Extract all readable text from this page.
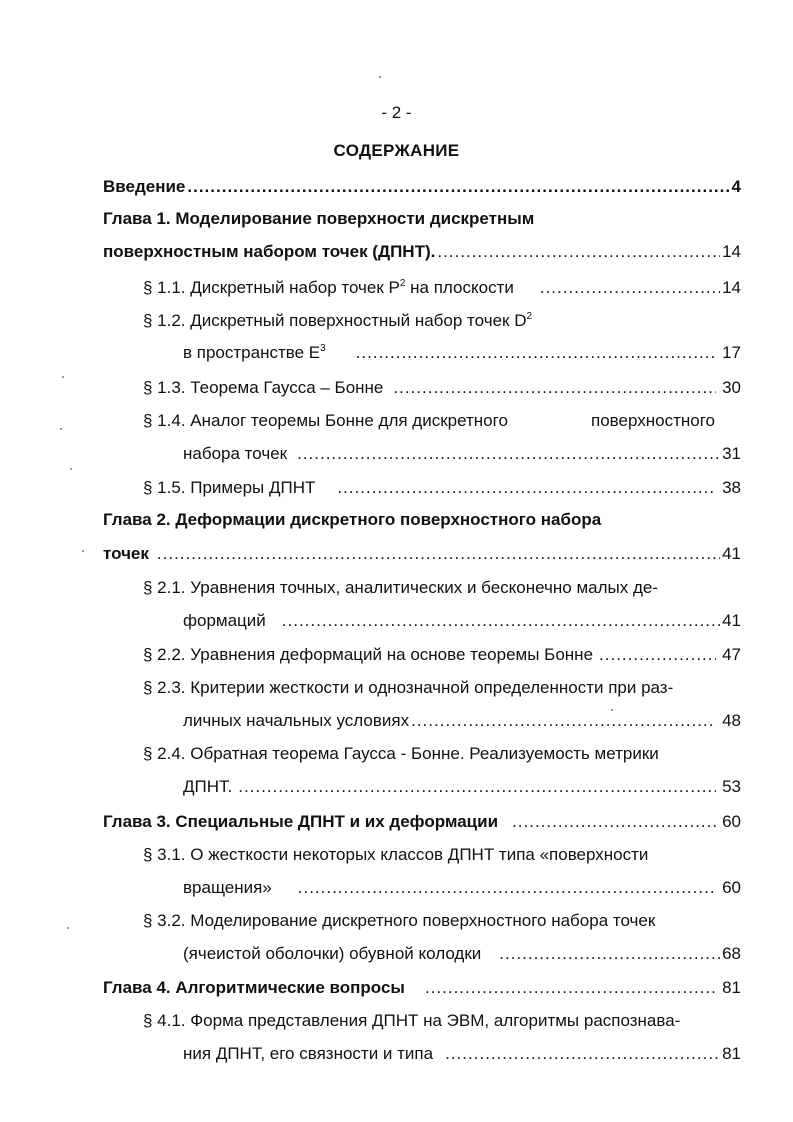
- 2 -
СОДЕРЖАНИЕ
Введение .....	4
Глава 1. Моделирование поверхности дискретным
поверхностным набором точек (ДПНТ). .....	14
§ 1.1. Дискретный набор точек $P^2$ на плоскости .....	14
§ 1.2. Дискретный поверхностный набор точек $D^2$
в пространстве $E^3$ .....	17
§ 1.3. Теорема Гаусса – Бонне .....	30
§ 1.4. Аналог теоремы Бонне для дискретного	поверхностного
набора точек .....	31
§ 1.5. Примеры ДПНТ .....	38
Глава 2. Деформации дискретного поверхностного набора
точек .....	41
§ 2.1. Уравнения точных, аналитических и бесконечно малых де-
формаций .....	41
§ 2.2. Уравнения деформаций на основе теоремы Бонне .....	47
§ 2.3. Критерии жесткости и однозначной определенности при раз-
личных начальных условиях .....	48
§ 2.4. Обратная теорема Гаусса - Бонне. Реализуемость метрики
ДПНТ. .....	53
Глава 3. Специальные ДПНТ и их деформации .....	60
§ 3.1. О жесткости некоторых классов ДПНТ типа «поверхности
вращения» .....	60
§ 3.2. Моделирование дискретного поверхностного набора точек
(ячеистой оболочки) обувной колодки .....	68
Глава 4. Алгоритмические вопросы .....	81
§ 4.1. Форма представления ДПНТ на ЭВМ, алгоритмы распознава-
ния ДПНТ, его связности и типа .....	81
